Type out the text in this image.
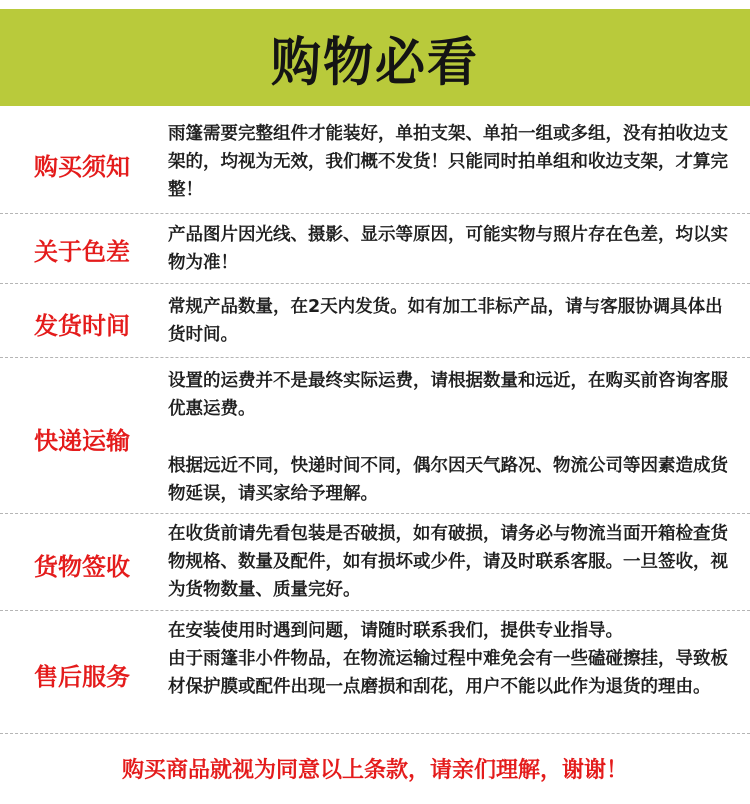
购物必看
购买须知

雨篷需要完整组件才能装好，单拍支架、单拍一组或多组，没有拍收边支架的，均视为无效，我们概不发货！只能同时拍单组和收边支架，才算完整！

关于色差

产品图片因光线、摄影、显示等原因，可能实物与照片存在色差，均以实物为准！

发货时间

常规产品数量，在2天内发货。如有加工非标产品，请与客服协调具体出货时间。

快递运输

设置的运费并不是最终实际运费，请根据数量和远近，在购买前咨询客服优惠运费。

根据远近不同，快递时间不同，偶尔因天气路况、物流公司等因素造成货物延误，请买家给予理解。

货物签收

在收货前请先看包装是否破损，如有破损，请务必与物流当面开箱检查货物规格、数量及配件，如有损坏或少件，请及时联系客服。一旦签收，视为货物数量、质量完好。

售后服务

在安装使用时遇到问题，请随时联系我们，提供专业指导。

由于雨篷非小件物品，在物流运输过程中难免会有一些磕碰擦挂，导致板材保护膜或配件出现一点磨损和刮花，用户不能以此作为退货的理由。

购买商品就视为同意以上条款，请亲们理解，谢谢！
